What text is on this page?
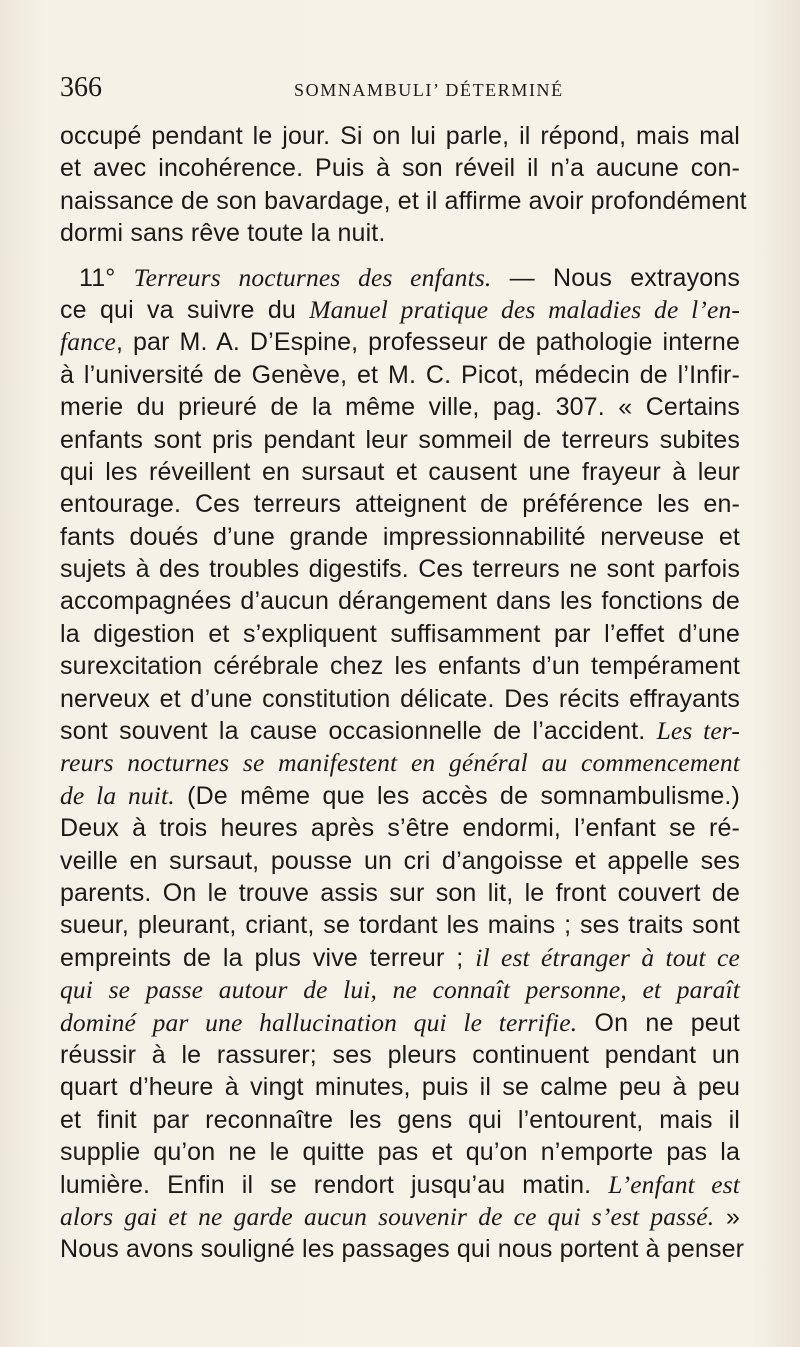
366	SOMNAMBULI’ DÉTERMINÉ
occupé pendant le jour. Si on lui parle, il répond, mais mal
et avec incohérence. Puis à son réveil il n’a aucune con-
naissance de son bavardage, et il affirme avoir profondément
dormi sans rêve toute la nuit.
11° Terreurs nocturnes des enfants. — Nous extrayons
ce qui va suivre du Manuel pratique des maladies de l’en-
fance, par M. A. D’Espine, professeur de pathologie interne
à l’université de Genève, et M. C. Picot, médecin de l’Infir-
merie du prieuré de la même ville, pag. 307. « Certains
enfants sont pris pendant leur sommeil de terreurs subites
qui les réveillent en sursaut et causent une frayeur à leur
entourage. Ces terreurs atteignent de préférence les en-
fants doués d’une grande impressionnabilité nerveuse et
sujets à des troubles digestifs. Ces terreurs ne sont parfois
accompagnées d’aucun dérangement dans les fonctions de
la digestion et s’expliquent suffisamment par l’effet d’une
surexcitation cérébrale chez les enfants d’un tempérament
nerveux et d’une constitution délicate. Des récits effrayants
sont souvent la cause occasionnelle de l’accident. Les ter-
reurs nocturnes se manifestent en général au commencement
de la nuit. (De même que les accès de somnambulisme.)
Deux à trois heures après s’être endormi, l’enfant se ré-
veille en sursaut, pousse un cri d’angoisse et appelle ses
parents. On le trouve assis sur son lit, le front couvert de
sueur, pleurant, criant, se tordant les mains ; ses traits sont
empreints de la plus vive terreur ; il est étranger à tout ce
qui se passe autour de lui, ne connaît personne, et paraît
dominé par une hallucination qui le terrifie. On ne peut
réussir à le rassurer; ses pleurs continuent pendant un
quart d’heure à vingt minutes, puis il se calme peu à peu
et finit par reconnaître les gens qui l’entourent, mais il
supplie qu’on ne le quitte pas et qu’on n’emporte pas la
lumière. Enfin il se rendort jusqu’au matin. L’enfant est
alors gai et ne garde aucun souvenir de ce qui s’est passé. »
Nous avons souligné les passages qui nous portent à penser
